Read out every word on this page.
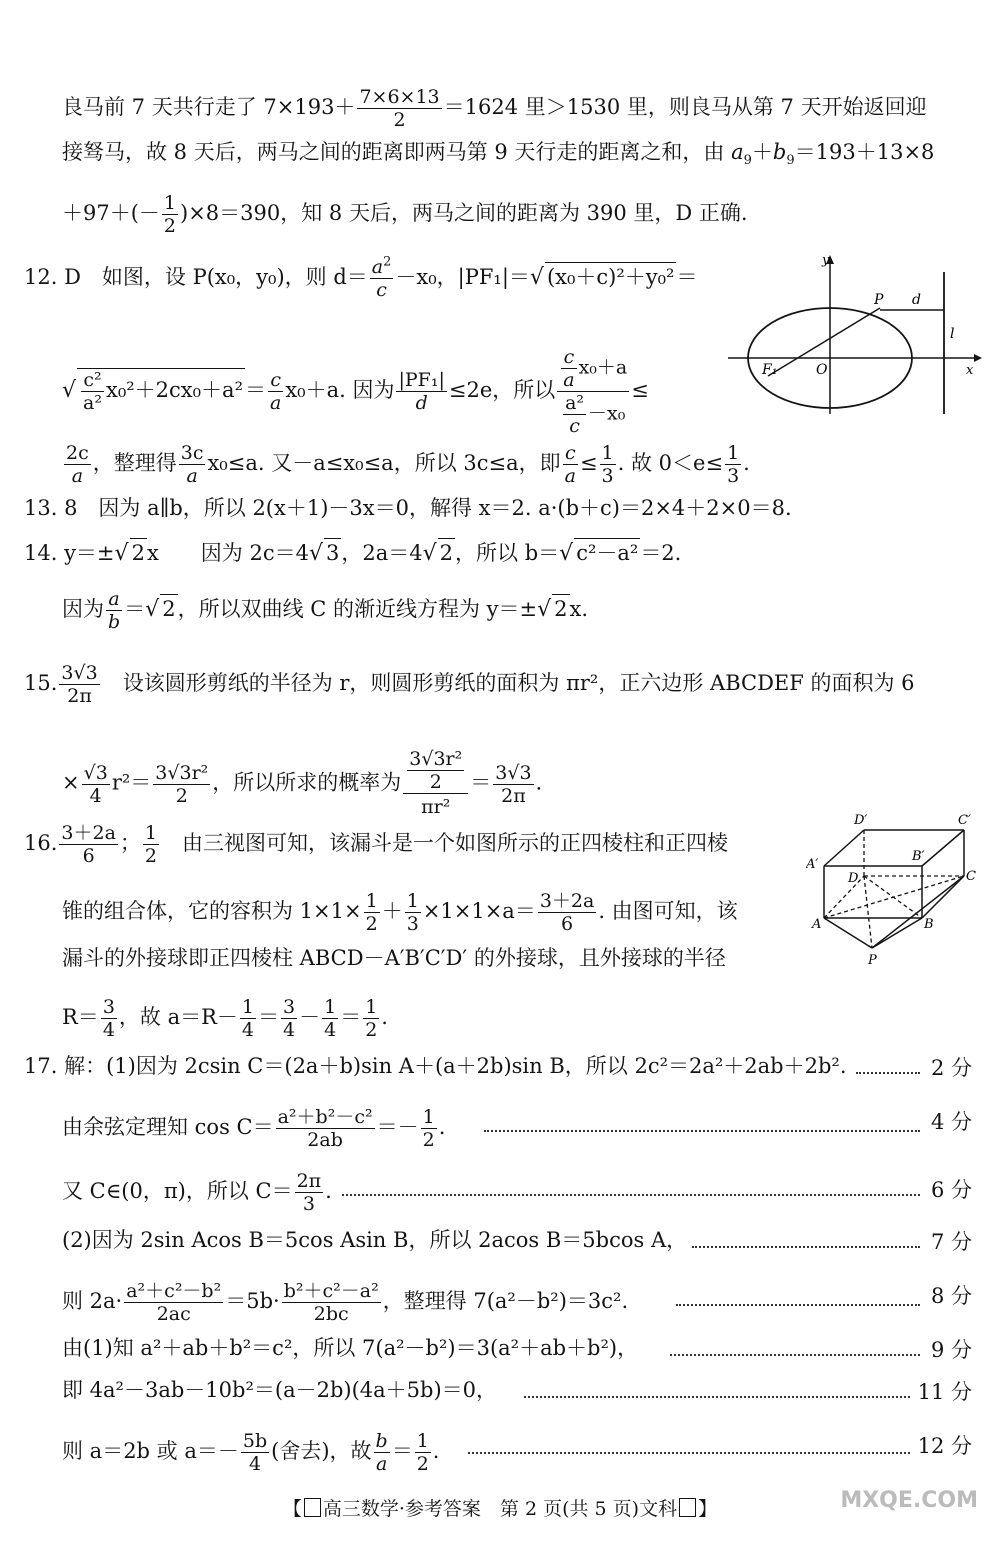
良马前 7 天共行走了 $7\times 193+ \frac{7\times 6\times 13}{2} =1624$ 里＞1530 里，则良马从第 7 天开始返回迎
接驽马，故 8 天后，两马之间的距离即两马第 9 天行走的距离之和，由 $a_9+b_9=193+13\times 8$
$+97+(- \frac{1}{2} )\times 8=390$，知 8 天后，两马之间的距离为 390 里，D 正确.
12. D　 如图，设 P(x₀，y₀)，则 $d= \frac{a^2}{c} -x_0$，|PF₁|＝√ (x₀＋c)²＋y₀²＝
√ $\frac{\text{c²}}{\text{a²}} x_0^2+2cx_0+a^2= \frac{c}{a} x_0+a$. 因为 $\frac{\text{|PF₁|}}{d} \le 2e$，所以 $\frac{\frac{c}{a} x_0+a}{\frac{\text{a²}}{c} -x_0}$ ≤
$\frac{2c}{a}$ ，整理得 $\frac{3c}{a} x_0\le a$. 又－a≤x₀≤a，所以 3c≤a，即 $\frac{c}{a} \le \frac{1}{3}$ . 故 $0<e\le \frac{1}{3}$ .
y
x
P d
l
F₁	O
13. 8　因为 a∥b，所以 2(x＋1)－3x＝0，解得 x＝2. a·(b＋c)＝2×4＋2×0＝8.
14. y＝±√ 2x　　因为 2c＝4√ 3，2a＝4√ 2，所以 b＝√ c²－a²＝2.
因为 $\frac{a}{b}$ ＝√ 2，所以双曲线 C 的渐近线方程为 y＝±√ 2x.
15. $\frac{3√3}{2\pi}$
　 设该圆形剪纸的半径为 r，则圆形剪纸的面积为 πr²，正六边形 ABCDEF 的面积为 6
× $\frac{√3}{4} r^2= \frac{\text{3√3r²}}{2}$ ，所以所求的概率为 $\frac{\frac{\text{3√3r²}}{2}}{\text{πr²}} = \frac{3√3}{2\pi}$ .
16. $\frac{3+2a}{6}$ ； $\frac{1}{2}$
　 由三视图可知，该漏斗是一个如图所示的正四棱柱和正四棱
锥的组合体，它的容积为 $1\times 1\times \frac{1}{2} + \frac{1}{3} \times 1\times 1\times a= \frac{3+2a}{6}$ . 由图可知，该
漏斗的外接球即正四棱柱 ABCD－A′B′C′D′ 的外接球，且外接球的半径
$R= \frac{3}{4}$ ，故 $a=R- \frac{1}{4} = \frac{3}{4} - \frac{1}{4} = \frac{1}{2}$ .
D′	C′
A′
B′
D	C
A	B
P
17. 解：(1)因为 2csin C＝(2a＋b)sin A＋(a＋2b)sin B，所以 2c²＝2a²＋2ab＋2b².	2 分
由余弦定理知 $\cos C= \frac{\text{a²＋b²－c²}}{2ab} =- \frac{1}{2}$ .	4 分
又 C∈(0，π)，所以 $C= \frac{2\pi}{3}$ .	6 分
(2)因为 2sin Acos B＝5cos Asin B，所以 2acos B＝5bcos A，	7 分
则 $2a\cdot \frac{\text{a²＋c²－b²}}{2ac} =5b\cdot \frac{\text{b²＋c²－a²}}{2bc}$ ，整理得 7(a²－b²)＝3c².	8 分
由(1)知 a²＋ab＋b²＝c²，所以 7(a²－b²)＝3(a²＋ab＋b²)，	9 分
即 4a²－3ab－10b²＝(a－2b)(4a＋5b)＝0，	11 分
则 a＝2b 或 $a=- \frac{5b}{4}$ (舍去)，故 $\frac{b}{a} = \frac{1}{2}$ .	12 分
【 高三数学·参考答案　第 2 页(共 5 页)文科 】	MXQE.COM
